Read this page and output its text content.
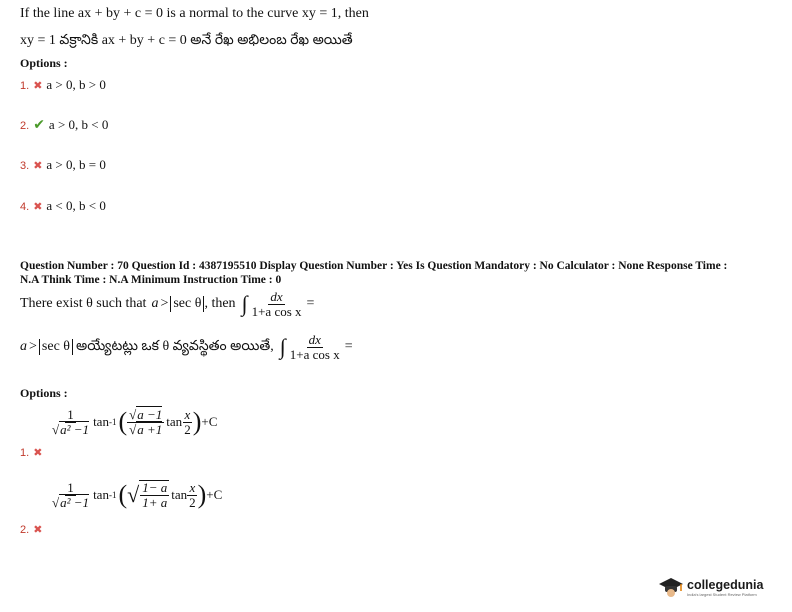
If the line ax + by + c = 0 is a normal to the curve xy = 1, then
xy = 1 వక్రానికి ax + by + c = 0 అనే రేఖ అభిలంబ రేఖ అయితే
Options :
1. ✖ a > 0, b > 0
2. ✔ a > 0, b < 0
3. ✖ a > 0, b = 0
4. ✖ a < 0, b < 0
Question Number : 70 Question Id : 4387195510 Display Question Number : Yes Is Question Mandatory : No Calculator : None Response Time :
N.A Think Time : N.A Minimum Instruction Time : 0
There exist θ such that a > sec θ , then ∫ $\frac{dx}{\text{1+a cos x}}$ =
a > sec θ అయ్యేటట్లు ఒక θ వ్యవస్థితం అయితే, ∫ $\frac{dx}{\text{1+a cos x}}$ =
Options :
$\frac{1}{\text{√a² −1}}$ tan -1 ( $\frac{√a -1}{√a +1}$ $\tan \frac{x}{2}$ ) +C
1. ✖
$\frac{1}{\text{√a² −1}}$ tan -1 ( √ $\frac{1- a}{1+ a}$ $\tan \frac{x}{2}$ ) +C
2. ✖
collegedunia
India's largest Student Review Platform
